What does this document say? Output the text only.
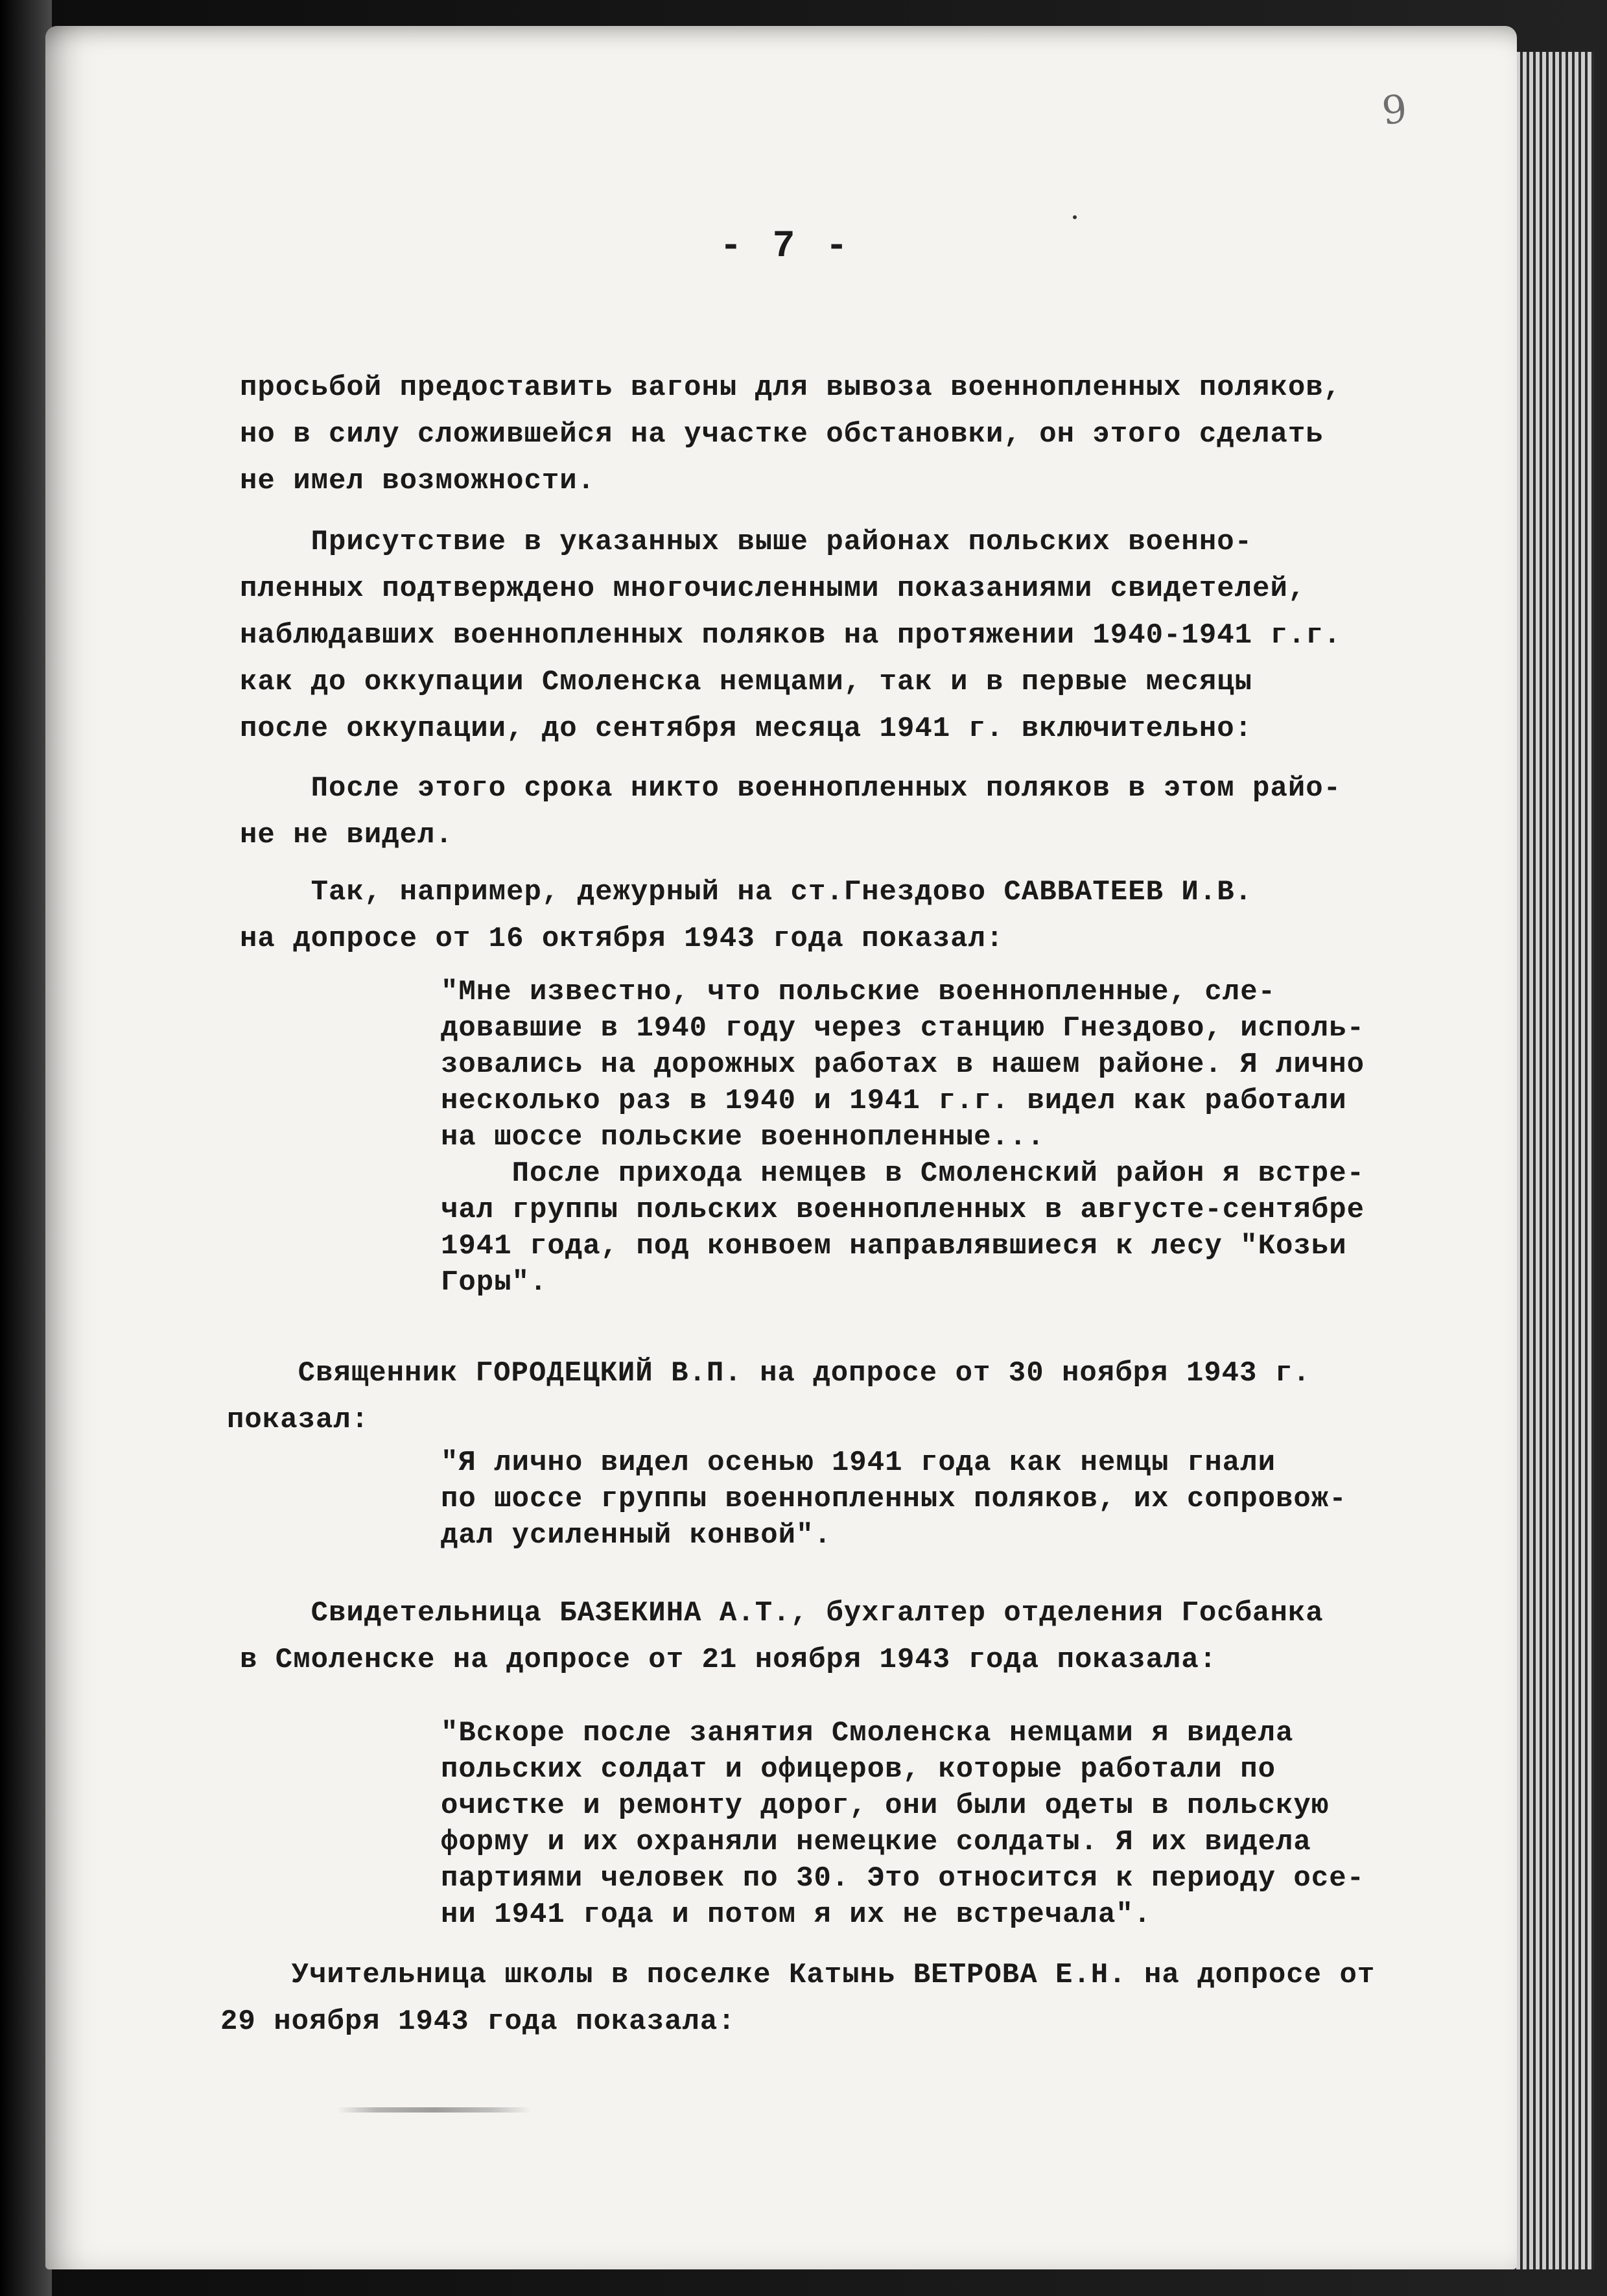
9
- 7 -
просьбой предоставить вагоны для вывоза военнопленных поляков,
но в силу сложившейся на участке обстановки, он этого сделать
не имел возможности.
Присутствие в указанных выше районах польских военно-
пленных подтверждено многочисленными показаниями свидетелей,
наблюдавших военнопленных поляков на протяжении 1940-1941 г.г.
как до оккупации Смоленска немцами, так и в первые месяцы
после оккупации, до сентября месяца 1941 г. включительно:
После этого срока никто военнопленных поляков в этом райо-
не не видел.
Так, например, дежурный на ст.Гнездово САВВАТЕЕВ И.В.
на допросе от 16 октября 1943 года показал:
"Мне известно, что польские военнопленные, сле-
довавшие в 1940 году через станцию Гнездово, исполь-
зовались на дорожных работах в нашем районе. Я лично
несколько раз в 1940 и 1941 г.г. видел как работали
на шоссе польские военнопленные...
После прихода немцев в Смоленский район я встре-
чал группы польских военнопленных в августе-сентябре
1941 года, под конвоем направлявшиеся к лесу "Козьи
Горы".
Священник ГОРОДЕЦКИЙ В.П. на допросе от 30 ноября 1943 г.
показал:
"Я лично видел осенью 1941 года как немцы гнали
по шоссе группы военнопленных поляков, их сопровож-
дал усиленный конвой".
Свидетельница БАЗЕКИНА А.Т., бухгалтер отделения Госбанка
в Смоленске на допросе от 21 ноября 1943 года показала:
"Вскоре после занятия Смоленска немцами я видела
польских солдат и офицеров, которые работали по
очистке и ремонту дорог, они были одеты в польскую
форму и их охраняли немецкие солдаты. Я их видела
партиями человек по 30. Это относится к периоду осе-
ни 1941 года и потом я их не встречала".
Учительница школы в поселке Катынь ВЕТРОВА Е.Н. на допросе от
29 ноября 1943 года показала:
